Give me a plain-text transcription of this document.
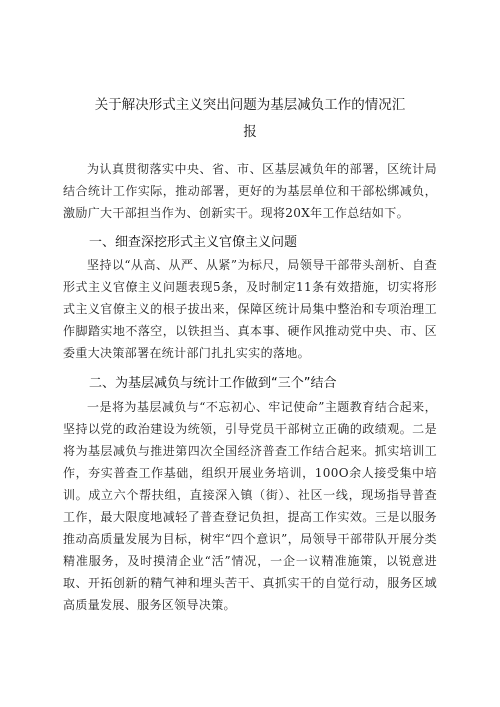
关于解决形式主义突出问题为基层减负工作的情况汇
报
为认真贯彻落实中央、省、市、区基层减负年的部署，区统计局结合统计工作实际，推动部署，更好的为基层单位和干部松绑减负，激励广大干部担当作为、创新实干。现将20X年工作总结如下。
一、细查深挖形式主义官僚主义问题
坚持以“从高、从严、从紧”为标尺，局领导干部带头剖析、自查形式主义官僚主义问题表现5条，及时制定11条有效措施，切实将形式主义官僚主义的根子拔出来，保障区统计局集中整治和专项治理工作脚踏实地不落空，以铁担当、真本事、硬作风推动党中央、市、区委重大决策部署在统计部门扎扎实实的落地。
二、为基层减负与统计工作做到“三个”结合
一是将为基层减负与“不忘初心、牢记使命”主题教育结合起来，坚持以党的政治建设为统领，引导党员干部树立正确的政绩观。二是将为基层减负与推进第四次全国经济普查工作结合起来。抓实培训工作，夯实普查工作基础，组织开展业务培训，100O余人接受集中培训。成立六个帮扶组，直接深入镇（街）、社区一线，现场指导普查工作，最大限度地减轻了普查登记负担，提高工作实效。三是以服务推动高质量发展为目标，树牢“四个意识”，局领导干部带队开展分类精准服务，及时摸清企业“活”情况，一企一议精准施策，以锐意进取、开拓创新的精气神和埋头苦干、真抓实干的自觉行动，服务区域高质量发展、服务区领导决策。
